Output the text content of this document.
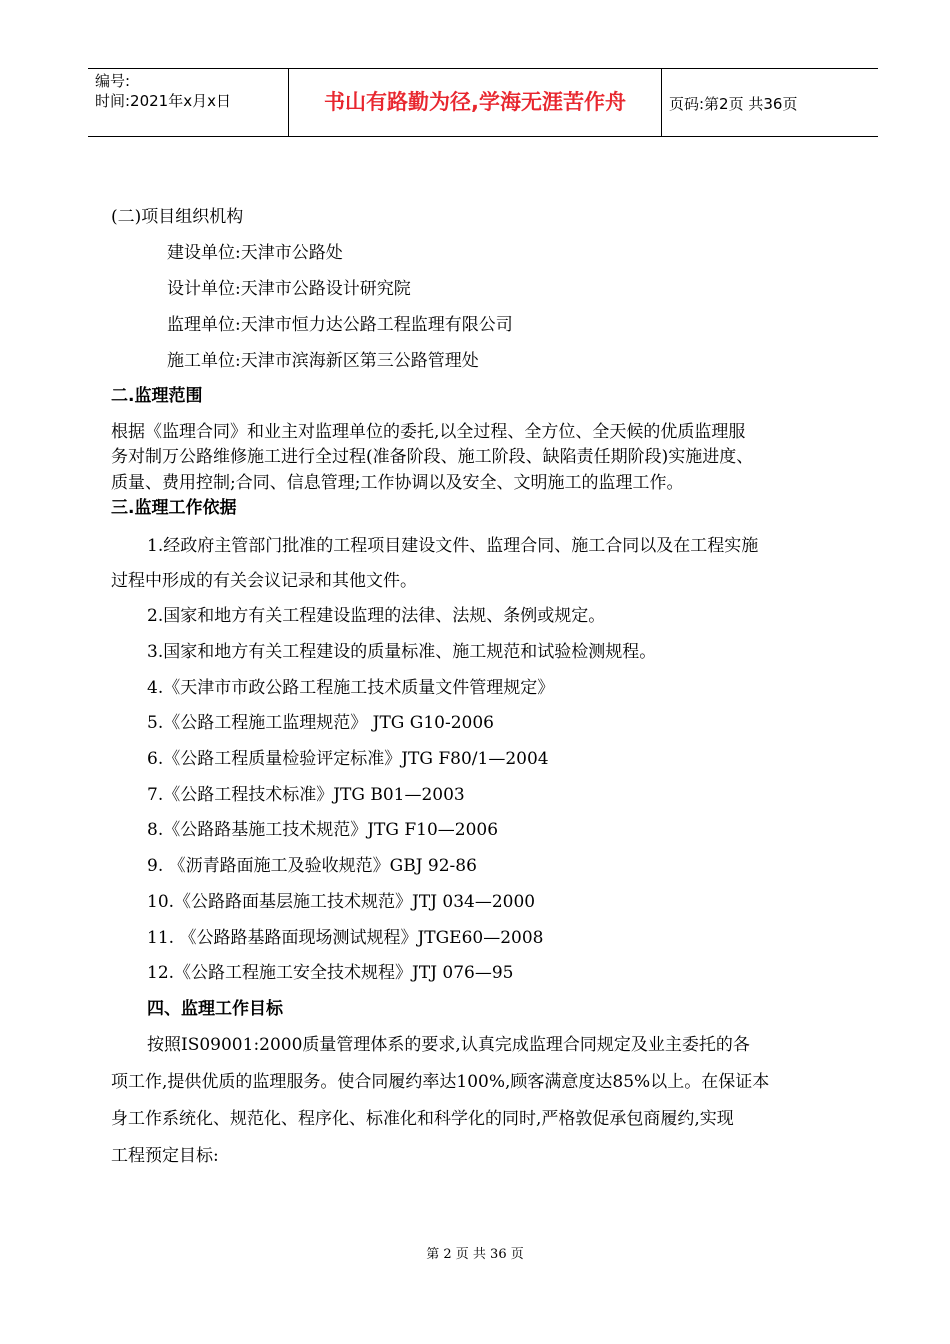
编号:
时间:2021年x月x日	书山有路勤为径,学海无涯苦作舟	页码:第2页 共36页
(二)项目组织机构
建设单位:天津市公路处
设计单位:天津市公路设计研究院
监理单位:天津市恒力达公路工程监理有限公司
施工单位:天津市滨海新区第三公路管理处
二.监理范围
根据《监理合同》和业主对监理单位的委托,以全过程、全方位、全天候的优质监理服
务对制万公路维修施工进行全过程(准备阶段、施工阶段、缺陷责任期阶段)实施进度、
质量、费用控制;合同、信息管理;工作协调以及安全、文明施工的监理工作。
三.监理工作依据
1.经政府主管部门批准的工程项目建设文件、监理合同、施工合同以及在工程实施
过程中形成的有关会议记录和其他文件。
2.国家和地方有关工程建设监理的法律、法规、条例或规定。
3.国家和地方有关工程建设的质量标准、施工规范和试验检测规程。
4.《天津市市政公路工程施工技术质量文件管理规定》
5.《公路工程施工监理规范》 JTG G10-2006
6.《公路工程质量检验评定标准》JTG F80/1—2004
7.《公路工程技术标准》JTG B01—2003
8.《公路路基施工技术规范》JTG F10—2006
9. 《沥青路面施工及验收规范》GBJ 92-86
10.《公路路面基层施工技术规范》JTJ 034—2000
11. 《公路路基路面现场测试规程》JTGE60—2008
12.《公路工程施工安全技术规程》JTJ 076—95
四、监理工作目标
按照IS09001:2000质量管理体系的要求,认真完成监理合同规定及业主委托的各
项工作,提供优质的监理服务。使合同履约率达100%,顾客满意度达85%以上。在保证本
身工作系统化、规范化、程序化、标准化和科学化的同时,严格敦促承包商履约,实现
工程预定目标:
第 2 页 共 36 页
